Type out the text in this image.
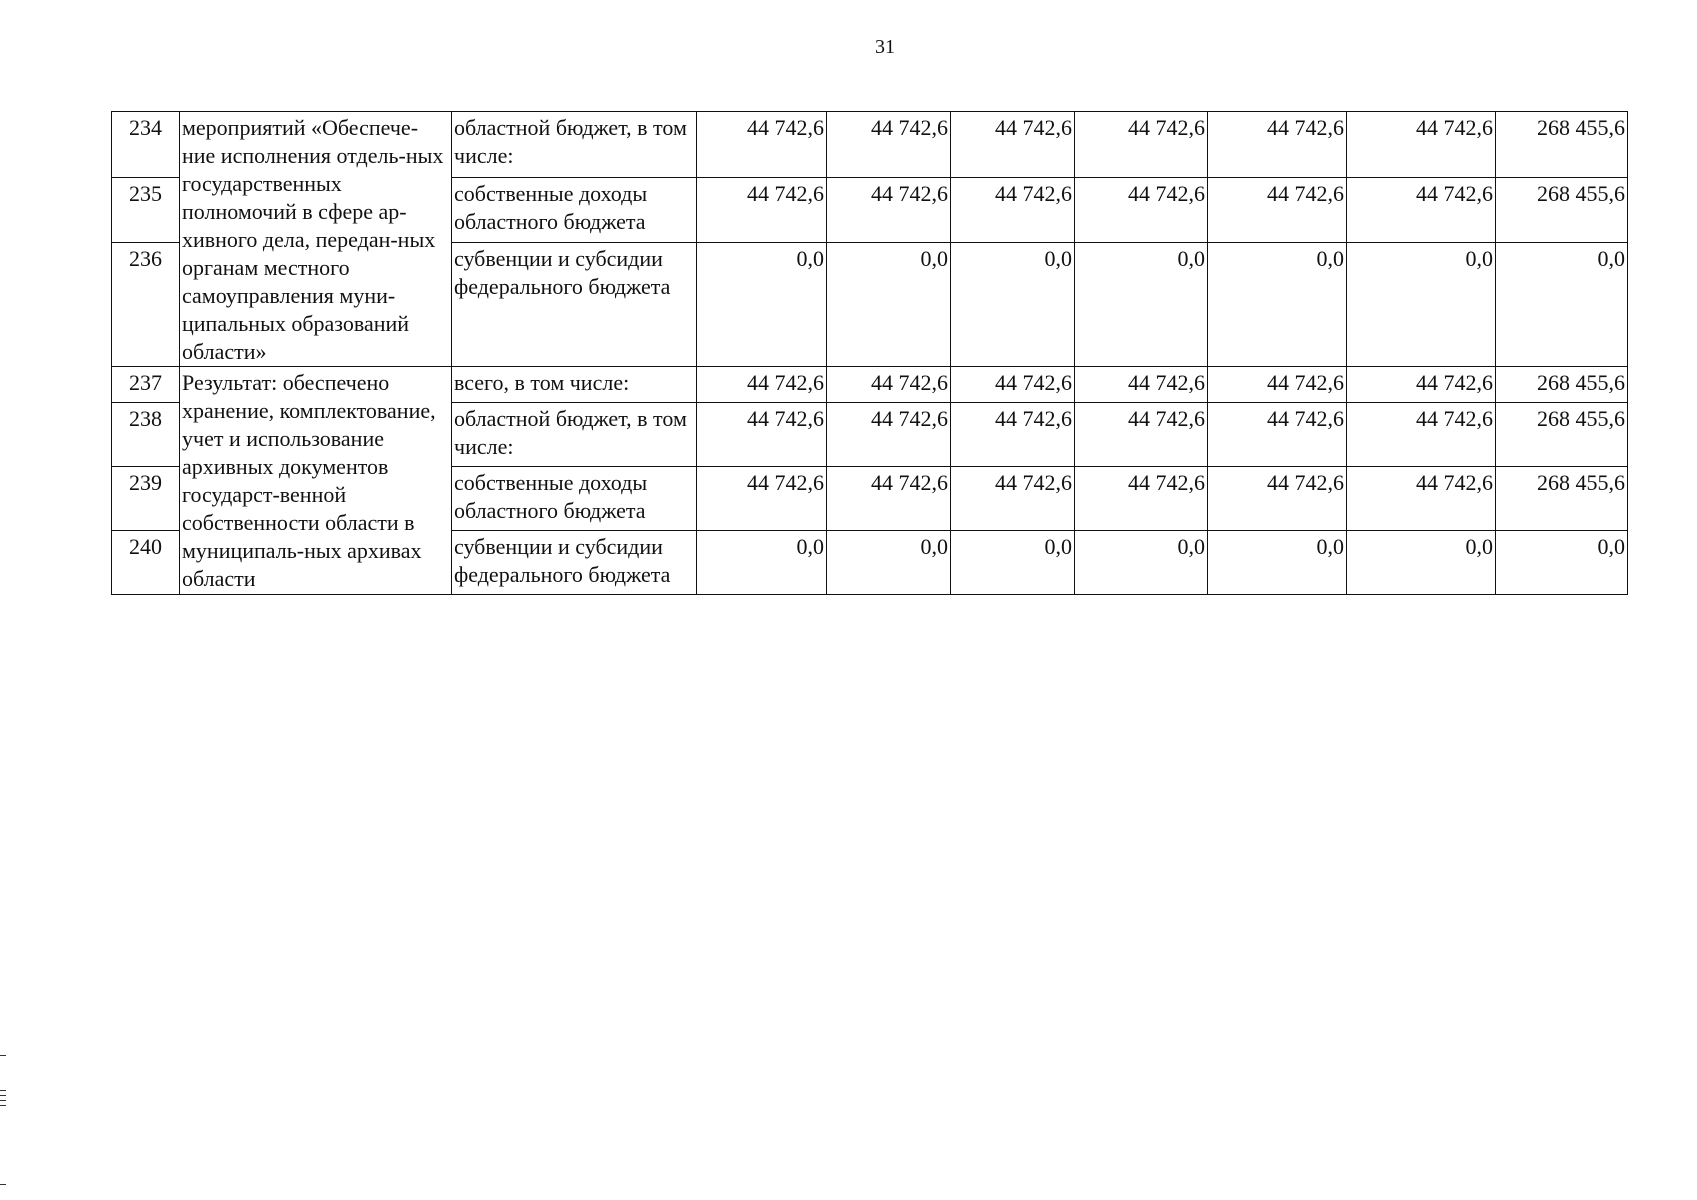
31
234	мероприятий «Обеспече-ние исполнения отдель-ных государственных полномочий в сфере ар-хивного дела, передан-ных органам местного самоуправления муни-ципальных образований области»	областной бюджет, в том числе:	44 742,6	44 742,6	44 742,6	44 742,6	44 742,6	44 742,6	268 455,6
235		собственные доходы областного бюджета	44 742,6	44 742,6	44 742,6	44 742,6	44 742,6	44 742,6	268 455,6
236		субвенции и субсидии федерального бюджета	0,0	0,0	0,0	0,0	0,0	0,0	0,0
237	Результат: обеспечено хранение, комплектование, учет и использование архивных документов государст-венной собственности области в муниципаль-ных архивах области	всего, в том числе:	44 742,6	44 742,6	44 742,6	44 742,6	44 742,6	44 742,6	268 455,6
238		областной бюджет, в том числе:	44 742,6	44 742,6	44 742,6	44 742,6	44 742,6	44 742,6	268 455,6
239		собственные доходы областного бюджета	44 742,6	44 742,6	44 742,6	44 742,6	44 742,6	44 742,6	268 455,6
240		субвенции и субсидии федерального бюджета	0,0	0,0	0,0	0,0	0,0	0,0	0,0
